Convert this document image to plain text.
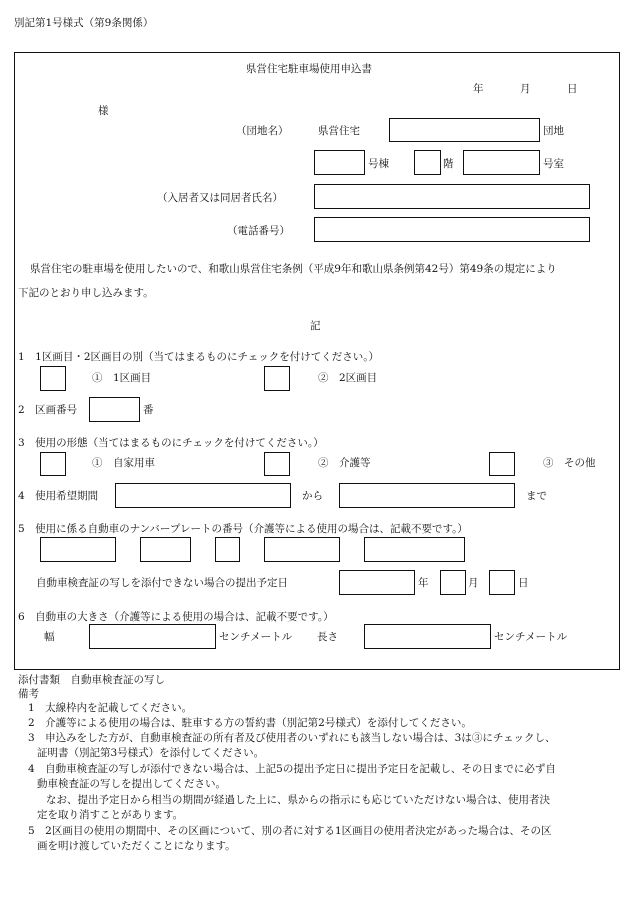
別記第1号様式（第9条関係）
県営住宅駐車場使用申込書
年	月	日
様
（団地名）	県営住宅	団地
号棟	階	号室
（入居者又は同居者氏名）
（電話番号）
県営住宅の駐車場を使用したいので、和歌山県営住宅条例（平成9年和歌山県条例第42号）第49条の規定により
下記のとおり申し込みます。
記
1　1区画目・2区画目の別（当てはまるものにチェックを付けてください。）
①　1区画目	②　2区画目
2　区画番号	番
3　使用の形態（当てはまるものにチェックを付けてください。）
①　自家用車	②　介護等	③　その他
4　使用希望期間	から	まで
5　使用に係る自動車のナンバープレートの番号（介護等による使用の場合は、記載不要です。）
自動車検査証の写しを添付できない場合の提出予定日	年	月	日
6　自動車の大きさ（介護等による使用の場合は、記載不要です。）
幅	センチメートル 長さ	センチメートル
添付書類　自動車検査証の写し
備考
1　太線枠内を記載してください。
2　介護等による使用の場合は、駐車する方の誓約書（別記第2号様式）を添付してください。
3　申込みをした方が、自動車検査証の所有者及び使用者のいずれにも該当しない場合は、3は③にチェックし、
証明書（別記第3号様式）を添付してください。
4　自動車検査証の写しが添付できない場合は、上記5の提出予定日に提出予定日を記載し、その日までに必ず自
動車検査証の写しを提出してください。
なお、提出予定日から相当の期間が経過した上に、県からの指示にも応じていただけない場合は、使用者決
定を取り消すことがあります。
5　2区画目の使用の期間中、その区画について、別の者に対する1区画目の使用者決定があった場合は、その区
画を明け渡していただくことになります。
